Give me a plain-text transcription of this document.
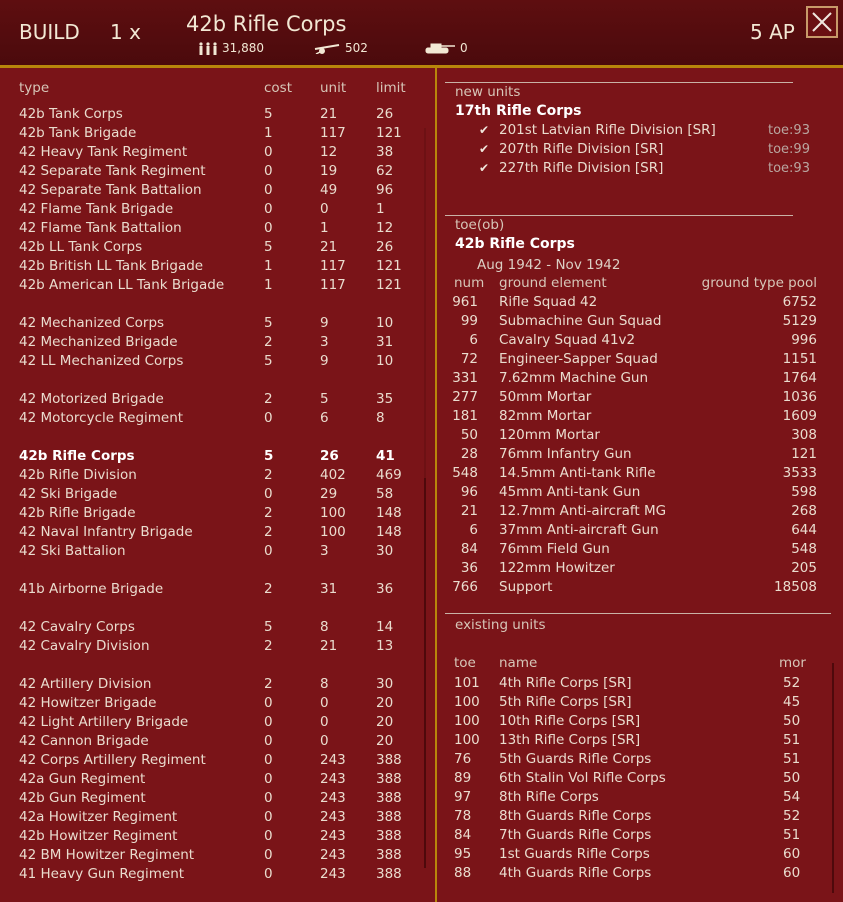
BUILD 1 x 42b Rifle Corps
31,880	502	0
5 AP
type	cost unit limit
42b Tank Corps	5	21	26
42b Tank Brigade	1	117 121
42 Heavy Tank Regiment	0	12	38
42 Separate Tank Regiment	0	19	62
42 Separate Tank Battalion	0	49	96
42 Flame Tank Brigade	0	0	1
42 Flame Tank Battalion	0	1	12
42b LL Tank Corps	5	21	26
42b British LL Tank Brigade	1	117 121
42b American LL Tank Brigade	1	117 121
42 Mechanized Corps	5	9	10
42 Mechanized Brigade	2	3	31
42 LL Mechanized Corps	5	9	10
42 Motorized Brigade	2	5	35
42 Motorcycle Regiment	0	6	8
42b Rifle Corps	5	26	41
42b Rifle Division	2	402 469
42 Ski Brigade	0	29	58
42b Rifle Brigade	2	100 148
42 Naval Infantry Brigade	2	100 148
42 Ski Battalion	0	3	30
41b Airborne Brigade	2	31	36
42 Cavalry Corps	5	8	14
42 Cavalry Division	2	21	13
42 Artillery Division	2	8	30
42 Howitzer Brigade	0	0	20
42 Light Artillery Brigade	0	0	20
42 Cannon Brigade	0	0	20
42 Corps Artillery Regiment	0	243 388
42a Gun Regiment	0	243 388
42b Gun Regiment	0	243 388
42a Howitzer Regiment	0	243 388
42b Howitzer Regiment	0	243 388
42 BM Howitzer Regiment	0	243 388
41 Heavy Gun Regiment	0	243 388
new units
17th Rifle Corps
✔ 201st Latvian Rifle Division [SR]	toe:93
✔ 207th Rifle Division [SR]	toe:99
✔ 227th Rifle Division [SR]	toe:93
toe(ob)
42b Rifle Corps
Aug 1942 - Nov 1942
num ground element	ground type pool
961 Rifle Squad 42	6752
99 Submachine Gun Squad	5129
6 Cavalry Squad 41v2	996
72 Engineer-Sapper Squad	1151
331 7.62mm Machine Gun	1764
277 50mm Mortar	1036
181 82mm Mortar	1609
50 120mm Mortar	308
28 76mm Infantry Gun	121
548 14.5mm Anti-tank Rifle	3533
96 45mm Anti-tank Gun	598
21 12.7mm Anti-aircraft MG	268
6 37mm Anti-aircraft Gun	644
84 76mm Field Gun	548
36 122mm Howitzer	205
766 Support	18508
existing units
toe name	mor
101 4th Rifle Corps [SR]	52
100 5th Rifle Corps [SR]	45
100 10th Rifle Corps [SR]	50
100 13th Rifle Corps [SR]	51
76 5th Guards Rifle Corps	51
89 6th Stalin Vol Rifle Corps	50
97 8th Rifle Corps	54
78 8th Guards Rifle Corps	52
84 7th Guards Rifle Corps	51
95 1st Guards Rifle Corps	60
88 4th Guards Rifle Corps	60
